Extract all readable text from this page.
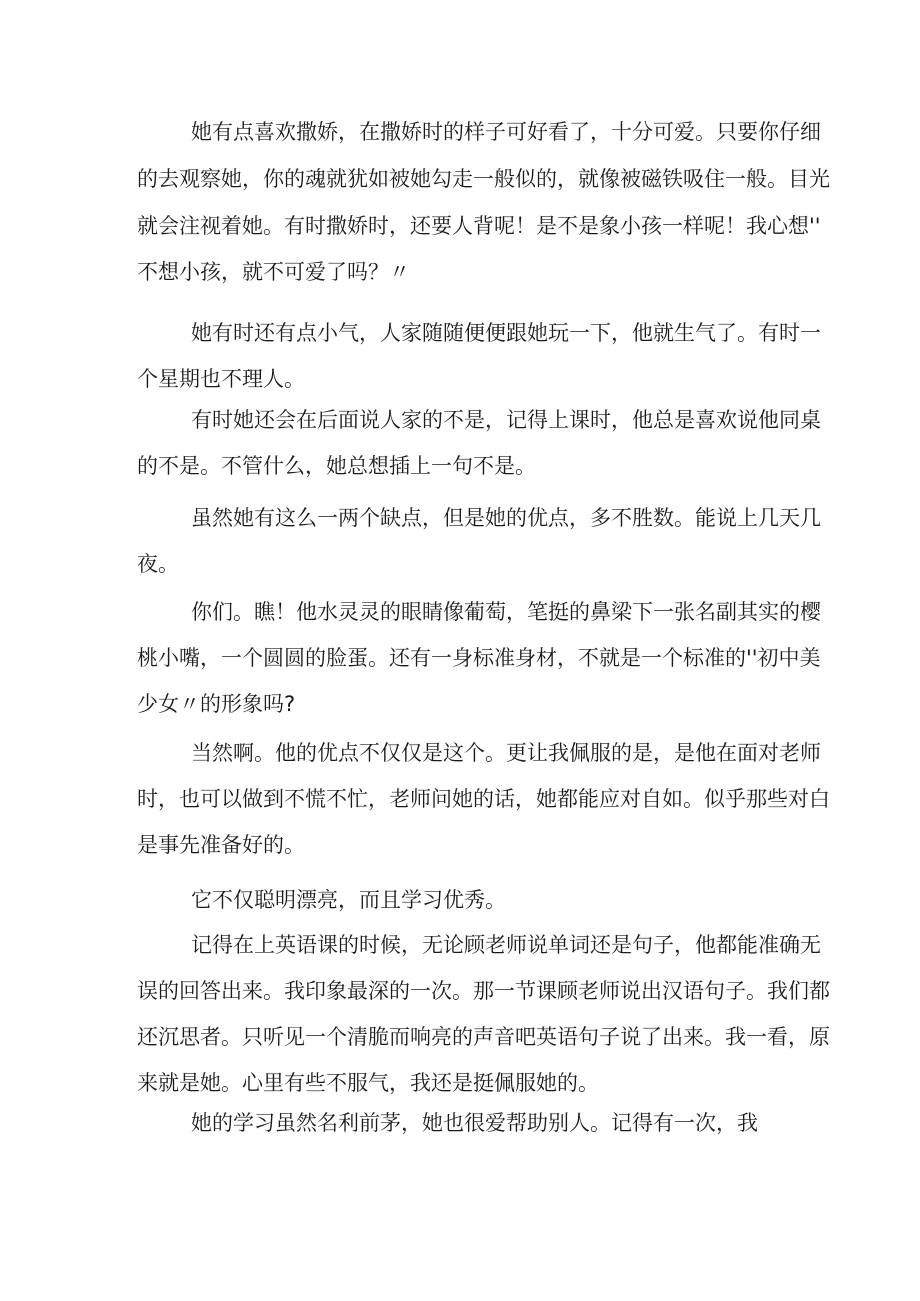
她有点喜欢撒娇，在撒娇时的样子可好看了，十分可爱。只要你仔细
的去观察她，你的魂就犹如被她勾走一般似的，就像被磁铁吸住一般。目光
就会注视着她。有时撒娇时，还要人背呢！是不是象小孩一样呢！我心想''
不想小孩，就不可爱了吗？〃
她有时还有点小气，人家随随便便跟她玩一下，他就生气了。有时一
个星期也不理人。
有时她还会在后面说人家的不是，记得上课时，他总是喜欢说他同桌
的不是。不管什么，她总想插上一句不是。
虽然她有这么一两个缺点，但是她的优点，多不胜数。能说上几天几
夜。
你们。瞧！他水灵灵的眼睛像葡萄，笔挺的鼻梁下一张名副其实的樱
桃小嘴，一个圆圆的脸蛋。还有一身标准身材，不就是一个标准的''初中美
少女〃的形象吗?
当然啊。他的优点不仅仅是这个。更让我佩服的是，是他在面对老师
时，也可以做到不慌不忙，老师问她的话，她都能应对自如。似乎那些对白
是事先准备好的。
它不仅聪明漂亮，而且学习优秀。
记得在上英语课的时候，无论顾老师说单词还是句子，他都能准确无
误的回答出来。我印象最深的一次。那一节课顾老师说出汉语句子。我们都
还沉思者。只听见一个清脆而响亮的声音吧英语句子说了出来。我一看，原
来就是她。心里有些不服气，我还是挺佩服她的。
她的学习虽然名利前茅，她也很爱帮助别人。记得有一次，我
